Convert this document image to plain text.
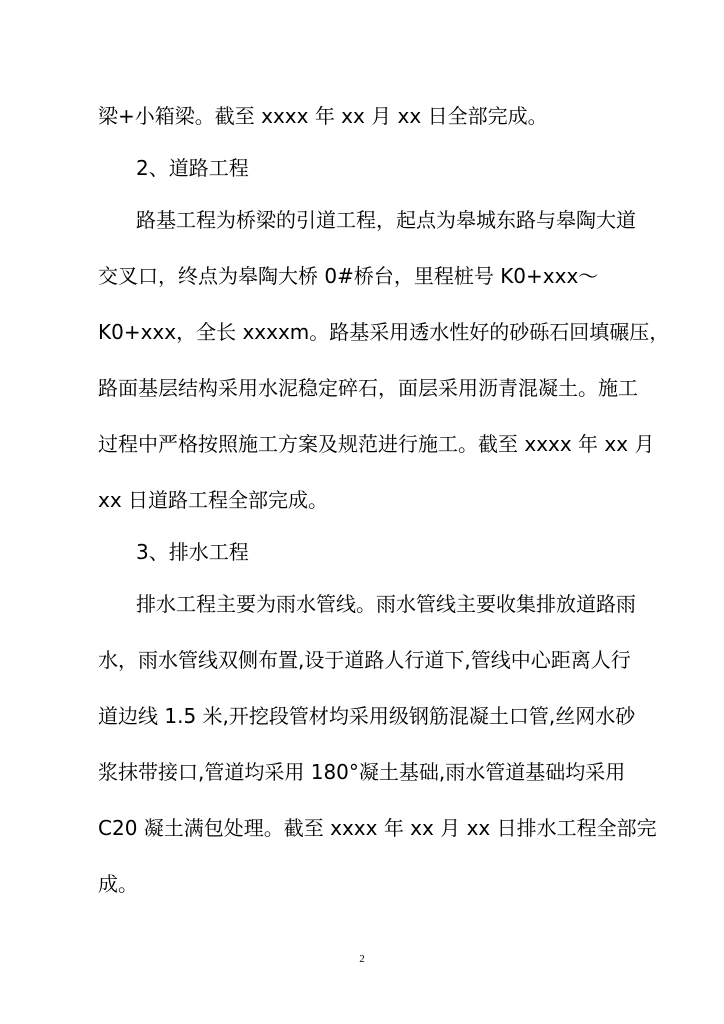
梁+小箱梁。截至 xxxx 年 xx 月 xx 日全部完成。
2、道路工程
路基工程为桥梁的引道工程，起点为皋城东路与皋陶大道
交叉口，终点为皋陶大桥 0#桥台，里程桩号 K0+xxx～
K0+xxx，全长 xxxxm。路基采用透水性好的砂砾石回填碾压，
路面基层结构采用水泥稳定碎石，面层采用沥青混凝土。施工
过程中严格按照施工方案及规范进行施工。截至 xxxx 年 xx 月
xx 日道路工程全部完成。
3、排水工程
排水工程主要为雨水管线。雨水管线主要收集排放道路雨
水，雨水管线双侧布置,设于道路人行道下,管线中心距离人行
道边线 1.5 米,开挖段管材均采用级钢筋混凝土口管,丝网水砂
浆抹带接口,管道均采用 180°凝土基础,雨水管道基础均采用
C20 凝土满包处理。截至 xxxx 年 xx 月 xx 日排水工程全部完
成。
2
